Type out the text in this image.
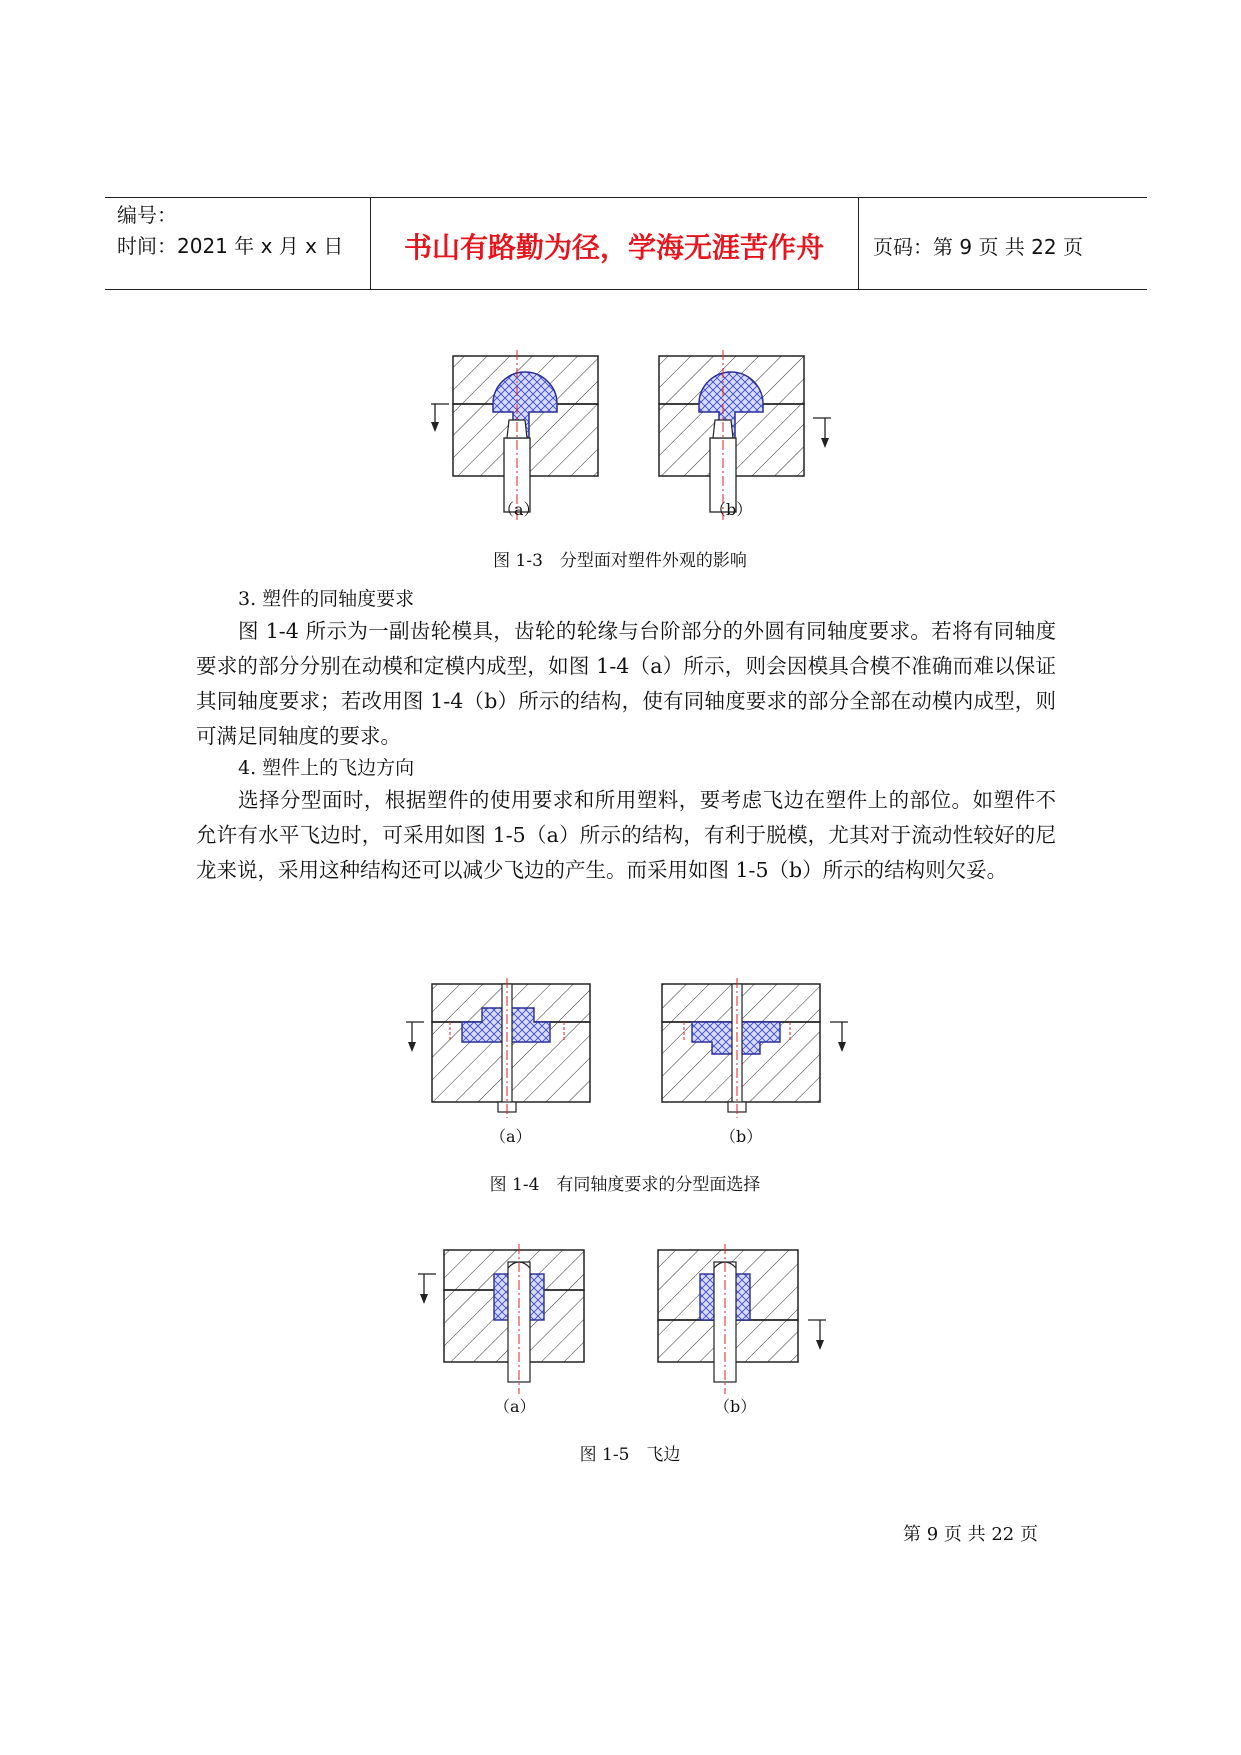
编号：
时间：2021 年 x 月 x 日	书山有路勤为径，学海无涯苦作舟	页码：第 9 页 共 22 页
（a）	（b）
图 1-3　分型面对塑件外观的影响
3. 塑件的同轴度要求
图 1-4 所示为一副齿轮模具，齿轮的轮缘与台阶部分的外圆有同轴度要求。若将有同轴度要求的部分分别在动模和定模内成型，如图 1-4（a）所示，则会因模具合模不准确而难以保证其同轴度要求；若改用图 1-4（b）所示的结构，使有同轴度要求的部分全部在动模内成型，则可满足同轴度的要求。
4. 塑件上的飞边方向
选择分型面时，根据塑件的使用要求和所用塑料，要考虑飞边在塑件上的部位。如塑件不允许有水平飞边时，可采用如图 1-5（a）所示的结构，有利于脱模，尤其对于流动性较好的尼龙来说，采用这种结构还可以减少飞边的产生。而采用如图 1-5（b）所示的结构则欠妥。
（a）	（b）
图 1-4　有同轴度要求的分型面选择
（a）	（b）
图 1-5　飞边
第 9 页 共 22 页
